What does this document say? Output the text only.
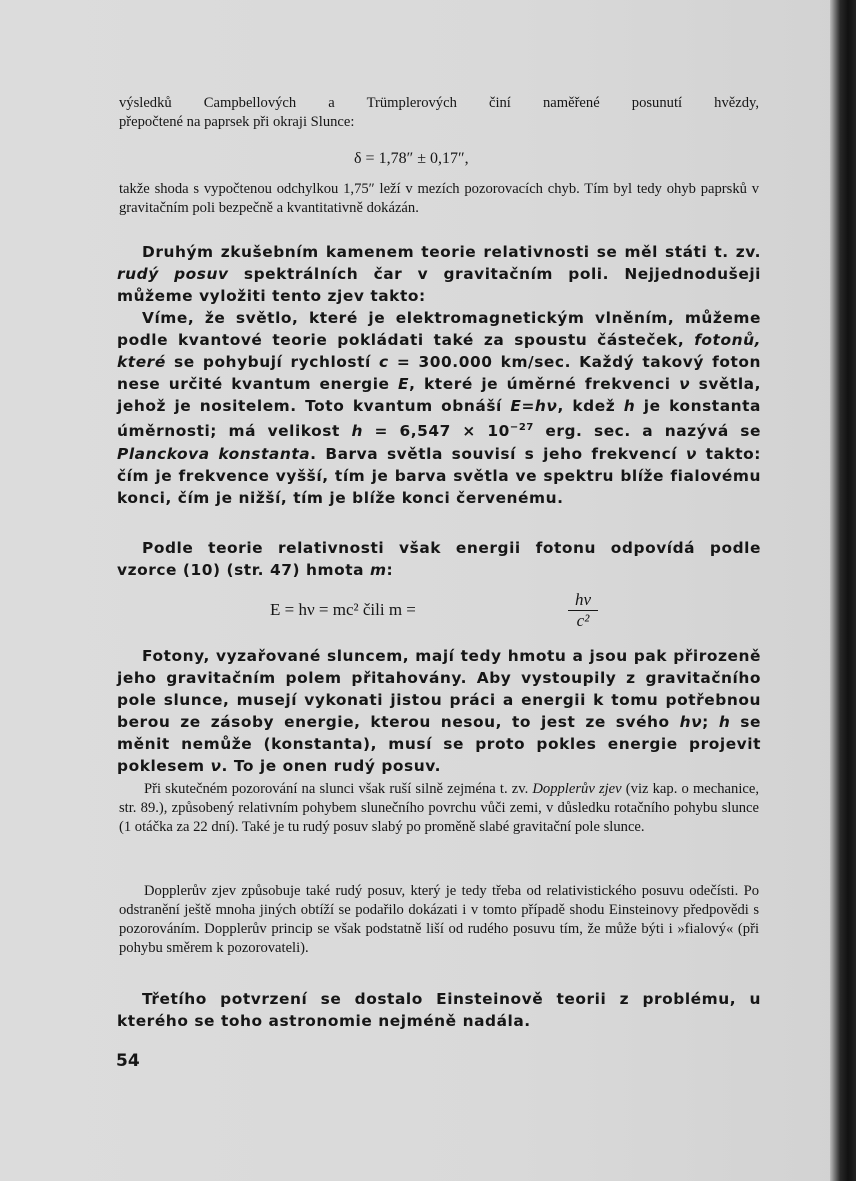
výsledků Campbellových a Trümplerových činí naměřené posunutí hvězdy,

přepočtené na paprsek při okraji Slunce:

δ = 1,78″ ± 0,17″,
takže shoda s vypočtenou odchylkou 1,75″ leží v mezích pozorovacích chyb. Tím byl tedy ohyb paprsků v gravitačním poli bezpečně a kvantitativně dokázán.

Druhým zkušebním kamenem teorie relativnosti se měl státi t. zv. rudý posuv spektrálních čar v gravitačním poli. Nejjednodušeji můžeme vyložiti tento zjev takto:

Víme, že světlo, které je elektromagnetickým vlněním, můžeme podle kvantové teorie pokládati také za spoustu částeček, fotonů, které se pohybují rychlostí c = 300.000 km/sec. Každý takový foton nese určité kvantum energie E, které je úměrné frekvenci ν světla, jehož je nositelem. Toto kvantum obnáší E=hν, kdež h je konstanta úměrnosti; má velikost $h = 6,547 \times 10^{-27}$ erg. sec. a nazývá se Planckova konstanta. Barva světla souvisí s jeho frekvencí ν takto: čím je frekvence vyšší, tím je barva světla ve spektru blíže fialovému konci, čím je nižší, tím je blíže konci červenému.

Podle teorie relativnosti však energii fotonu odpovídá podle vzorce (10) (str. 47) hmota m:

E = hν = mc² čili m =
hν
c²

Fotony, vyzařované sluncem, mají tedy hmotu a jsou pak přirozeně jeho gravitačním polem přitahovány. Aby vystoupily z gravitačního pole slunce, musejí vykonati jistou práci a energii k tomu potřebnou berou ze zásoby energie, kterou nesou, to jest ze svého hν; h se měnit nemůže (konstanta), musí se proto pokles energie projevit poklesem ν. To je onen rudý posuv.

Při skutečném pozorování na slunci však ruší silně zejména t. zv. Dopplerův zjev (viz kap. o mechanice, str. 89.), způsobený relativním pohybem slunečního povrchu vůči zemi, v důsledku rotačního pohybu slunce (1 otáčka za 22 dní). Také je tu rudý posuv slabý po proměně slabé gravitační pole slunce.

Dopplerův zjev způsobuje také rudý posuv, který je tedy třeba od relativistického posuvu odečísti. Po odstranění ještě mnoha jiných obtíží se podařilo dokázati i v tomto případě shodu Einsteinovy předpovědi s pozorováním. Dopplerův princip se však podstatně liší od rudého posuvu tím, že může býti i »fialový« (při pohybu směrem k pozorovateli).

Třetího potvrzení se dostalo Einsteinově teorii z problému, u kterého se toho astronomie nejméně nadála.

54
